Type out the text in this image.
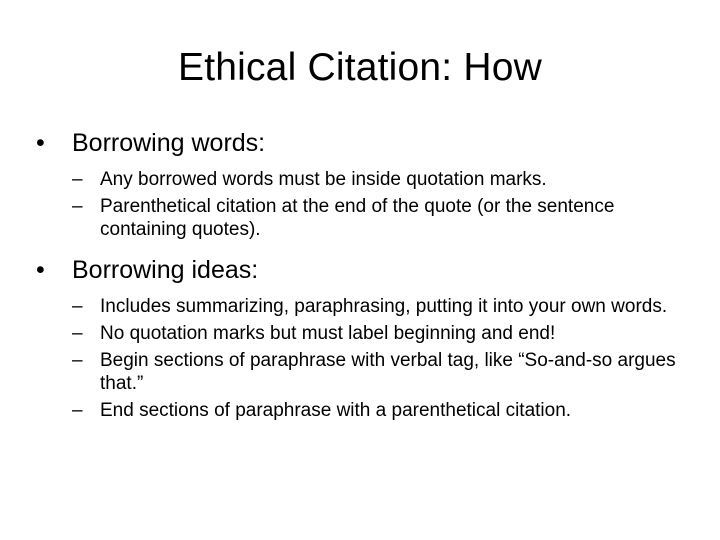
Ethical Citation: How
• Borrowing words:
– Any borrowed words must be inside quotation marks.
– Parenthetical citation at the end of the quote (or the sentence containing quotes).
• Borrowing ideas:
– Includes summarizing, paraphrasing, putting it into your own words.
– No quotation marks but must label beginning and end!
– Begin sections of paraphrase with verbal tag, like “So-and-so argues that.”
– End sections of paraphrase with a parenthetical citation.
